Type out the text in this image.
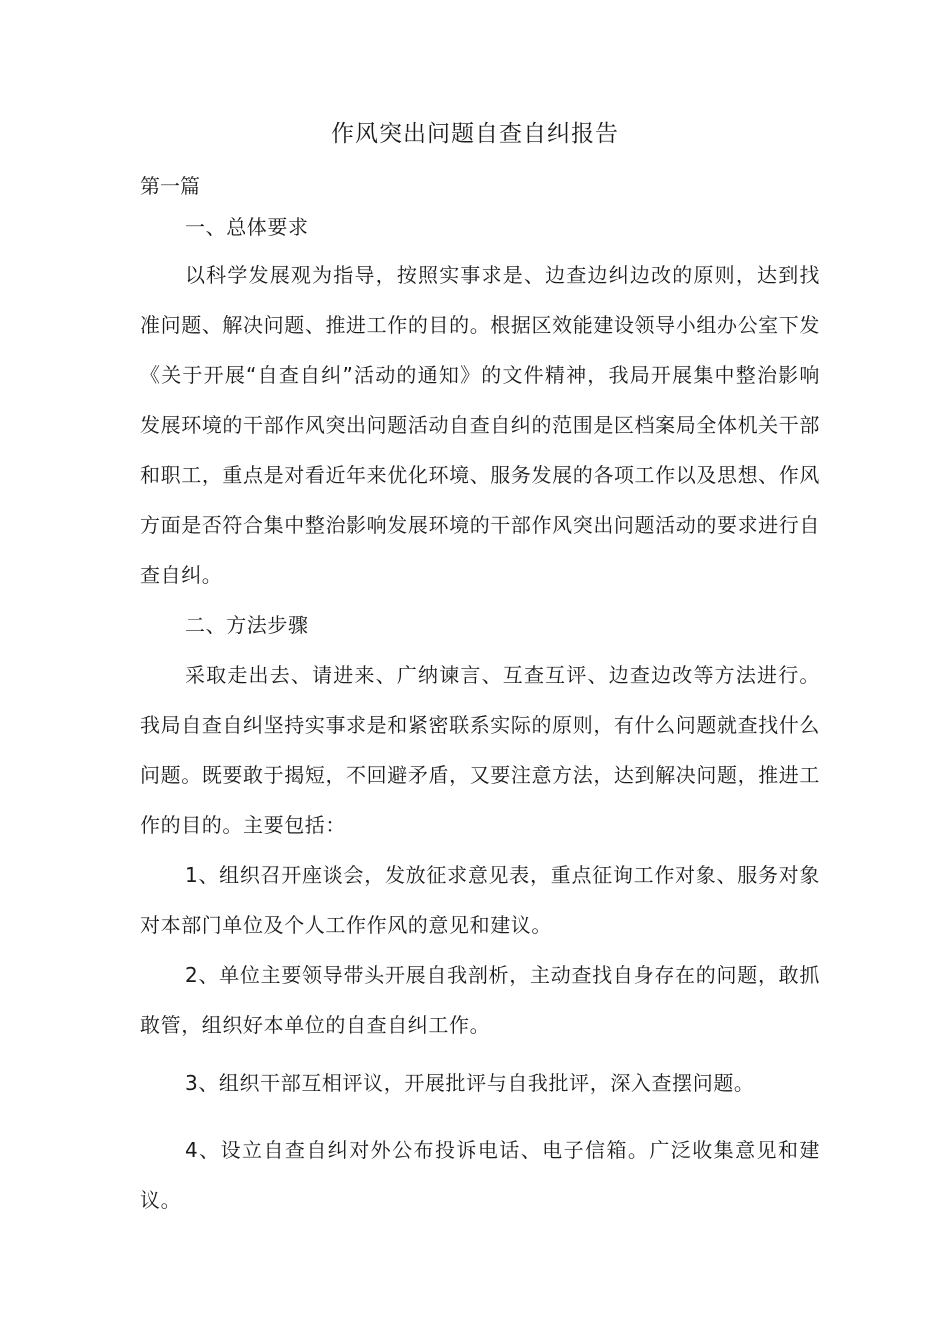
作风突出问题自查自纠报告

第一篇

一、总体要求

以科学发展观为指导，按照实事求是、边查边纠边改的原则，达到找准问题、解决问题、推进工作的目的。根据区效能建设领导小组办公室下发《关于开展“自查自纠”活动的通知》的文件精神，我局开展集中整治影响发展环境的干部作风突出问题活动自查自纠的范围是区档案局全体机关干部和职工，重点是对看近年来优化环境、服务发展的各项工作以及思想、作风方面是否符合集中整治影响发展环境的干部作风突出问题活动的要求进行自查自纠。

二、方法步骤

采取走出去、请进来、广纳谏言、互查互评、边查边改等方法进行。我局自查自纠坚持实事求是和紧密联系实际的原则，有什么问题就查找什么问题。既要敢于揭短，不回避矛盾，又要注意方法，达到解决问题，推进工作的目的。主要包括：

1、组织召开座谈会，发放征求意见表，重点征询工作对象、服务对象对本部门单位及个人工作作风的意见和建议。

2、单位主要领导带头开展自我剖析，主动查找自身存在的问题，敢抓敢管，组织好本单位的自查自纠工作。

3、组织干部互相评议，开展批评与自我批评，深入查摆问题。

4、设立自查自纠对外公布投诉电话、电子信箱。广泛收集意见和建议。
